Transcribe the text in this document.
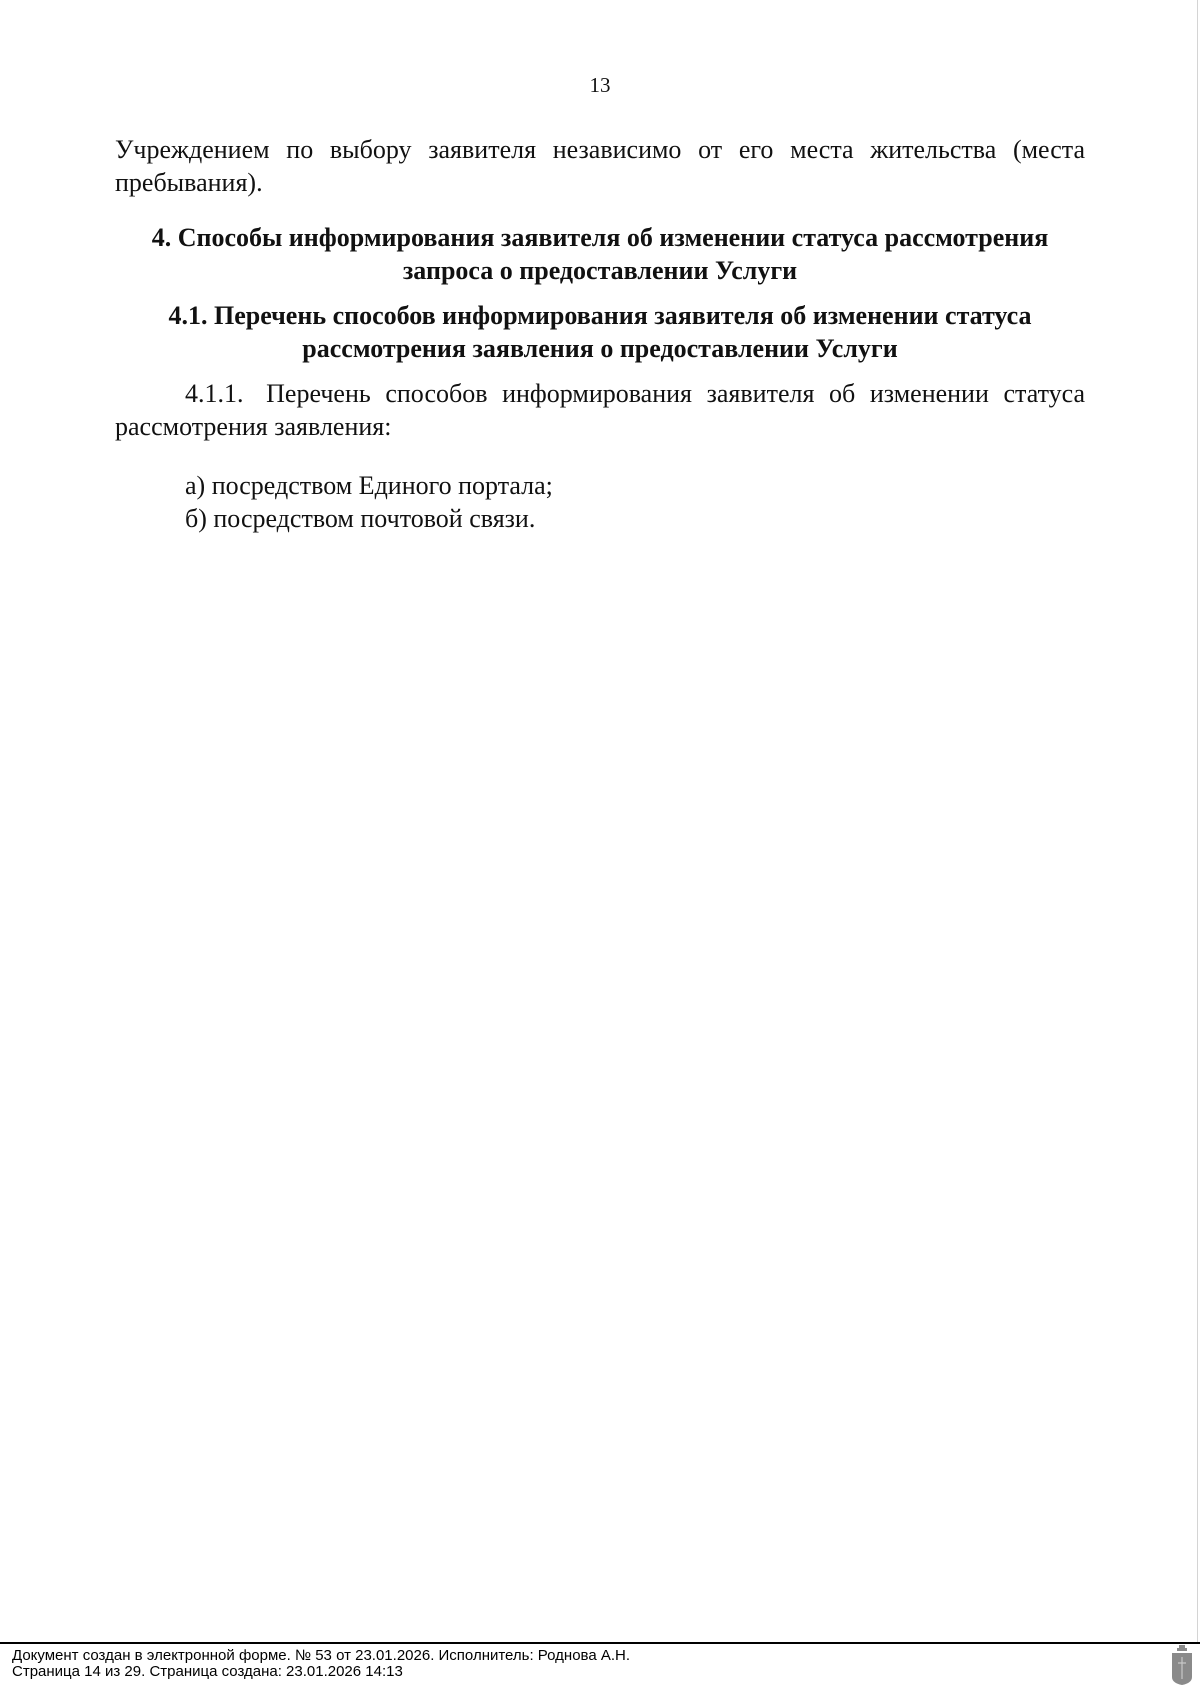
13

Учреждением по выбору заявителя независимо от его места жительства (места пребывания).

4. Способы информирования заявителя об изменении статуса рассмотрения запроса о предоставлении Услуги

4.1. Перечень способов информирования заявителя об изменении статуса рассмотрения заявления о предоставлении Услуги

4.1.1. Перечень способов информирования заявителя об изменении статуса рассмотрения заявления:

а) посредством Единого портала;

б) посредством почтовой связи.

Документ создан в электронной форме. № 53 от 23.01.2026. Исполнитель: Роднова А.Н.
Страница 14 из 29. Страница создана: 23.01.2026 14:13
